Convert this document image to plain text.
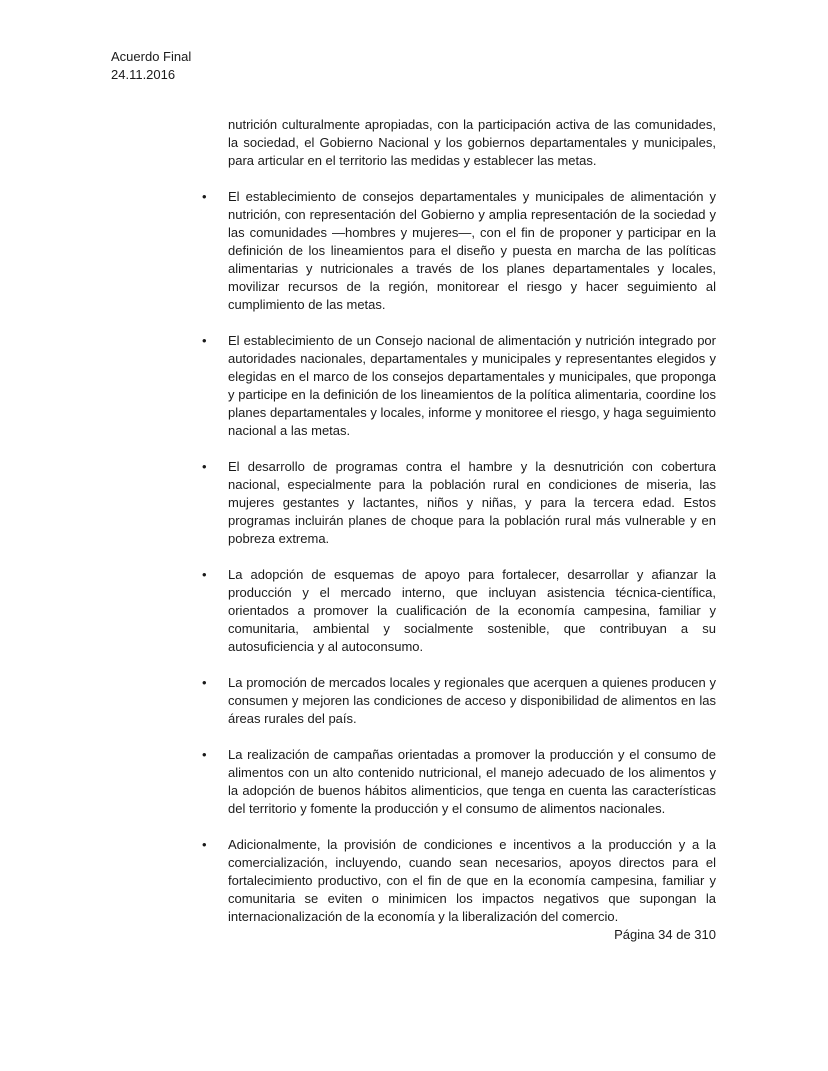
Acuerdo Final
24.11.2016

nutrición culturalmente apropiadas, con la participación activa de las comunidades, la sociedad, el Gobierno Nacional y los gobiernos departamentales y municipales, para articular en el territorio las medidas y establecer las metas.

• El establecimiento de consejos departamentales y municipales de alimentación y nutrición, con representación del Gobierno y amplia representación de la sociedad y las comunidades —hombres y mujeres—, con el fin de proponer y participar en la definición de los lineamientos para el diseño y puesta en marcha de las políticas alimentarias y nutricionales a través de los planes departamentales y locales, movilizar recursos de la región, monitorear el riesgo y hacer seguimiento al cumplimiento de las metas.
• El establecimiento de un Consejo nacional de alimentación y nutrición integrado por autoridades nacionales, departamentales y municipales y representantes elegidos y elegidas en el marco de los consejos departamentales y municipales, que proponga y participe en la definición de los lineamientos de la política alimentaria, coordine los planes departamentales y locales, informe y monitoree el riesgo, y haga seguimiento nacional a las metas.
• El desarrollo de programas contra el hambre y la desnutrición con cobertura nacional, especialmente para la población rural en condiciones de miseria, las mujeres gestantes y lactantes, niños y niñas, y para la tercera edad. Estos programas incluirán planes de choque para la población rural más vulnerable y en pobreza extrema.
• La adopción de esquemas de apoyo para fortalecer, desarrollar y afianzar la producción y el mercado interno, que incluyan asistencia técnica-científica, orientados a promover la cualificación de la economía campesina, familiar y comunitaria, ambiental y socialmente sostenible, que contribuyan a su autosuficiencia y al autoconsumo.
• La promoción de mercados locales y regionales que acerquen a quienes producen y consumen y mejoren las condiciones de acceso y disponibilidad de alimentos en las áreas rurales del país.
• La realización de campañas orientadas a promover la producción y el consumo de alimentos con un alto contenido nutricional, el manejo adecuado de los alimentos y la adopción de buenos hábitos alimenticios, que tenga en cuenta las características del territorio y fomente la producción y el consumo de alimentos nacionales.
• Adicionalmente, la provisión de condiciones e incentivos a la producción y a la comercialización, incluyendo, cuando sean necesarios, apoyos directos para el fortalecimiento productivo, con el fin de que en la economía campesina, familiar y comunitaria se eviten o minimicen los impactos negativos que supongan la internacionalización de la economía y la liberalización del comercio.
Página 34 de 310
